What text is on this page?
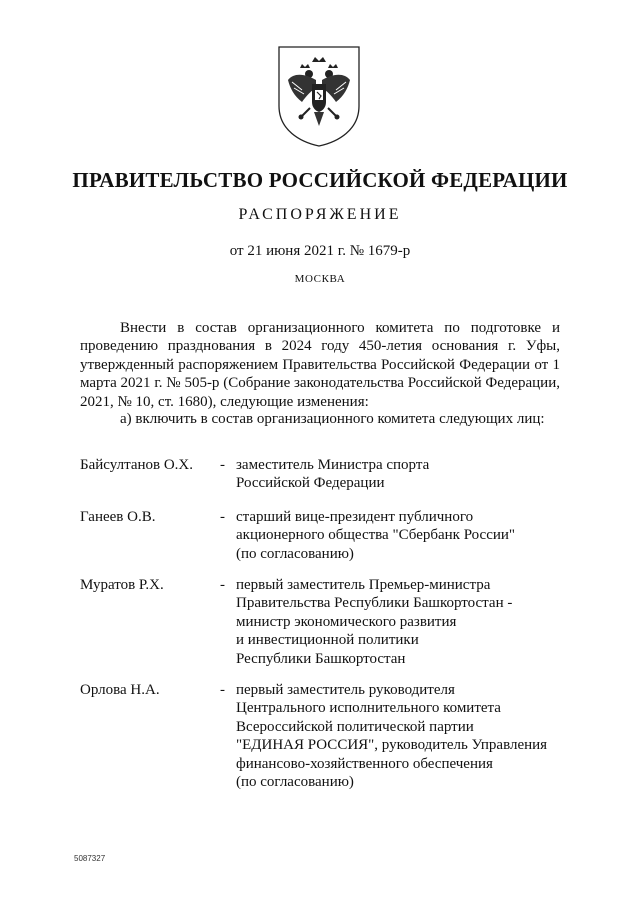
ПРАВИТЕЛЬСТВО РОССИЙСКОЙ ФЕДЕРАЦИИ
РАСПОРЯЖЕНИЕ
от 21 июня 2021 г. № 1679-р
МОСКВА

Внести в состав организационного комитета по подготовке и проведению празднования в 2024 году 450-летия основания г. Уфы, утвержденный распоряжением Правительства Российской Федерации от 1 марта 2021 г. № 505-р (Собрание законодательства Российской Федерации, 2021, № 10, ст. 1680), следующие изменения:

а) включить в состав организационного комитета следующих лиц:
Байсултанов О.Х. - заместитель Министра спорта
Российской Федерации
Ганеев О.В.	- старший вице-президент публичного
акционерного общества "Сбербанк России"
(по согласованию)
Муратов Р.Х.	- первый заместитель Премьер-министра
Правительства Республики Башкортостан -
министр экономического развития
и инвестиционной политики
Республики Башкортостан
Орлова Н.А.	- первый заместитель руководителя
Центрального исполнительного комитета
Всероссийской политической партии
"ЕДИНАЯ РОССИЯ", руководитель Управления
финансово-хозяйственного обеспечения
(по согласованию)
5087327
